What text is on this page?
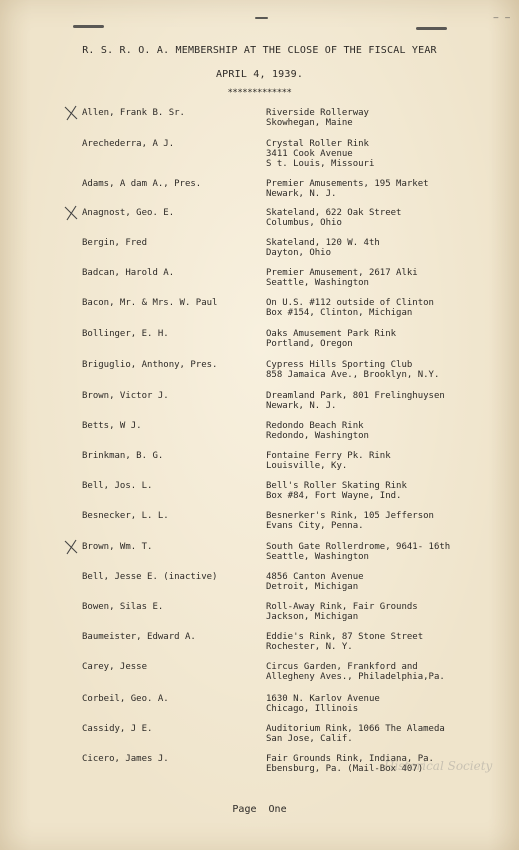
— —
R. S. R. O. A. MEMBERSHIP AT THE CLOSE OF THE FISCAL YEAR
APRIL 4, 1939.
*************
Allen, Frank B. Sr.	Riverside Rollerway
Skowhegan, Maine
Arechederra, A J.	Crystal Roller Rink
3411 Cook Avenue
S t. Louis, Missouri
Adams, A dam A., Pres.	Premier Amusements, 195 Market
Newark, N. J.
Anagnost, Geo. E.	Skateland, 622 Oak Street
Columbus, Ohio
Bergin, Fred	Skateland, 120 W. 4th
Dayton, Ohio
Badcan, Harold A.	Premier Amusement, 2617 Alki
Seattle, Washington
Bacon, Mr. & Mrs. W. Paul	On U.S. #112 outside of Clinton
Box #154, Clinton, Michigan
Bollinger, E. H.	Oaks Amusement Park Rink
Portland, Oregon
Briguglio, Anthony, Pres.	Cypress Hills Sporting Club
858 Jamaica Ave., Brooklyn, N.Y.
Brown, Victor J.	Dreamland Park, 801 Frelinghuysen
Newark, N. J.
Betts, W J.	Redondo Beach Rink
Redondo, Washington
Brinkman, B. G.	Fontaine Ferry Pk. Rink
Louisville, Ky.
Bell, Jos. L.	Bell's Roller Skating Rink
Box #84, Fort Wayne, Ind.
Besnecker, L. L.	Besnerker's Rink, 105 Jefferson
Evans City, Penna.
Brown, Wm. T.	South Gate Rollerdrome, 9641- 16th
Seattle, Washington
Bell, Jesse E. (inactive)	4856 Canton Avenue
Detroit, Michigan
Bowen, Silas E.	Roll-Away Rink, Fair Grounds
Jackson, Michigan
Baumeister, Edward A.	Eddie's Rink, 87 Stone Street
Rochester, N. Y.
Carey, Jesse	Circus Garden, Frankford and
Allegheny Aves., Philadelphia,Pa.
Corbeil, Geo. A.	1630 N. Karlov Avenue
Chicago, Illinois
Cassidy, J E.	Auditorium Rink, 1066 The Alameda
San Jose, Calif.
Cicero, James J.	Fair Grounds Rink, Indiana, Pa.
Ebensburg, Pa. (Mail-Box 407)
Page  One
Historical Society
